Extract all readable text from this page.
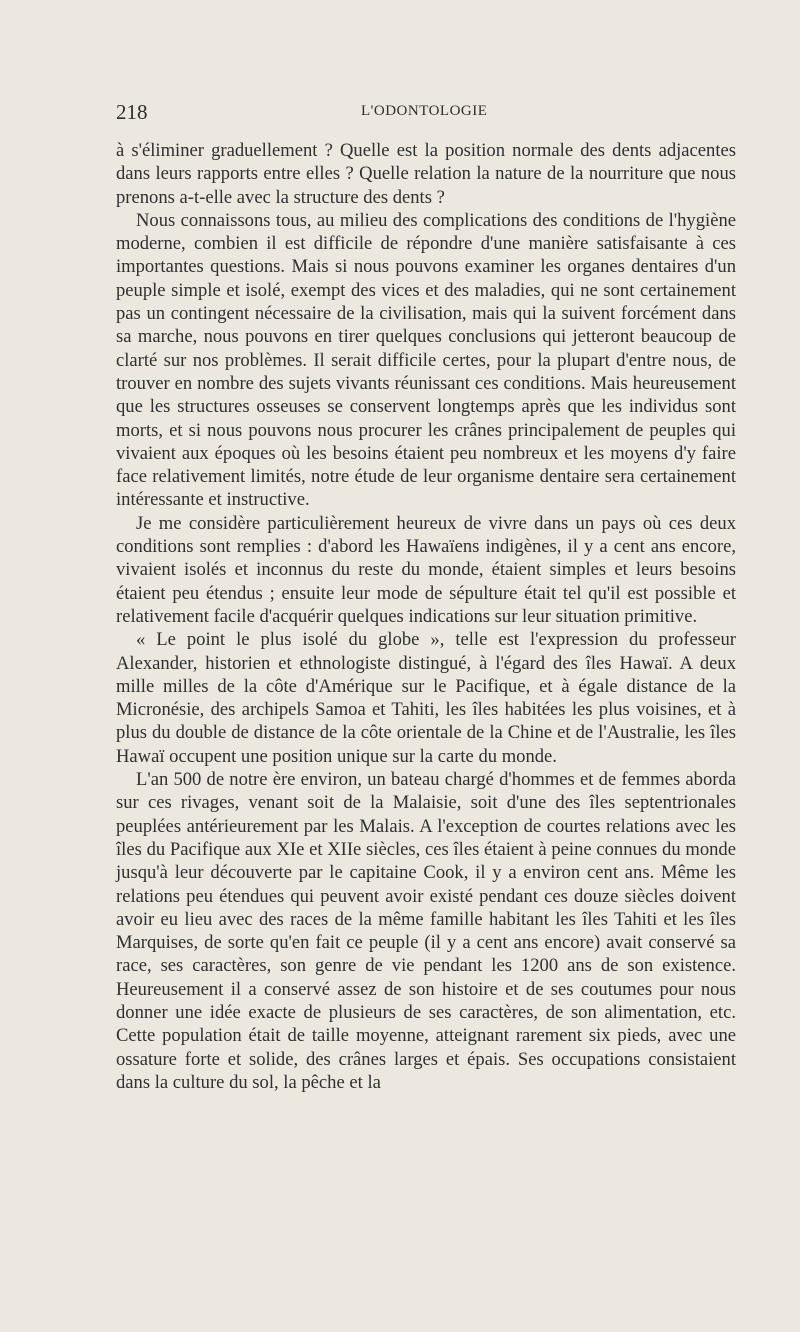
218	L'ODONTOLOGIE

à s'éliminer graduellement ? Quelle est la position normale des dents adjacentes dans leurs rapports entre elles ? Quelle relation la nature de la nourriture que nous prenons a-t-elle avec la structure des dents ?

Nous connaissons tous, au milieu des complications des conditions de l'hygiène moderne, combien il est difficile de répondre d'une manière satisfaisante à ces importantes questions. Mais si nous pouvons examiner les organes dentaires d'un peuple simple et isolé, exempt des vices et des maladies, qui ne sont certainement pas un contingent nécessaire de la civilisation, mais qui la suivent forcément dans sa marche, nous pouvons en tirer quelques conclusions qui jetteront beaucoup de clarté sur nos problèmes. Il serait difficile certes, pour la plupart d'entre nous, de trouver en nombre des sujets vivants réunissant ces conditions. Mais heureusement que les structures osseuses se conservent longtemps après que les individus sont morts, et si nous pouvons nous procurer les crânes principalement de peuples qui vivaient aux époques où les besoins étaient peu nombreux et les moyens d'y faire face relativement limités, notre étude de leur organisme dentaire sera certainement intéressante et instructive.

Je me considère particulièrement heureux de vivre dans un pays où ces deux conditions sont remplies : d'abord les Hawaïens indigènes, il y a cent ans encore, vivaient isolés et inconnus du reste du monde, étaient simples et leurs besoins étaient peu étendus ; ensuite leur mode de sépulture était tel qu'il est possible et relativement facile d'acquérir quelques indications sur leur situation primitive.

« Le point le plus isolé du globe », telle est l'expression du professeur Alexander, historien et ethnologiste distingué, à l'égard des îles Hawaï. A deux mille milles de la côte d'Amérique sur le Pacifique, et à égale distance de la Micronésie, des archipels Samoa et Tahiti, les îles habitées les plus voisines, et à plus du double de distance de la côte orientale de la Chine et de l'Australie, les îles Hawaï occupent une position unique sur la carte du monde.

L'an 500 de notre ère environ, un bateau chargé d'hommes et de femmes aborda sur ces rivages, venant soit de la Malaisie, soit d'une des îles septentrionales peuplées antérieurement par les Malais. A l'exception de courtes relations avec les îles du Pacifique aux XIe et XIIe siècles, ces îles étaient à peine connues du monde jusqu'à leur découverte par le capitaine Cook, il y a environ cent ans. Même les relations peu étendues qui peuvent avoir existé pendant ces douze siècles doivent avoir eu lieu avec des races de la même famille habitant les îles Tahiti et les îles Marquises, de sorte qu'en fait ce peuple (il y a cent ans encore) avait conservé sa race, ses caractères, son genre de vie pendant les 1200 ans de son existence. Heureusement il a conservé assez de son histoire et de ses coutumes pour nous donner une idée exacte de plusieurs de ses caractères, de son alimentation, etc. Cette population était de taille moyenne, atteignant rarement six pieds, avec une ossature forte et solide, des crânes larges et épais. Ses occupations consistaient dans la culture du sol, la pêche et la
